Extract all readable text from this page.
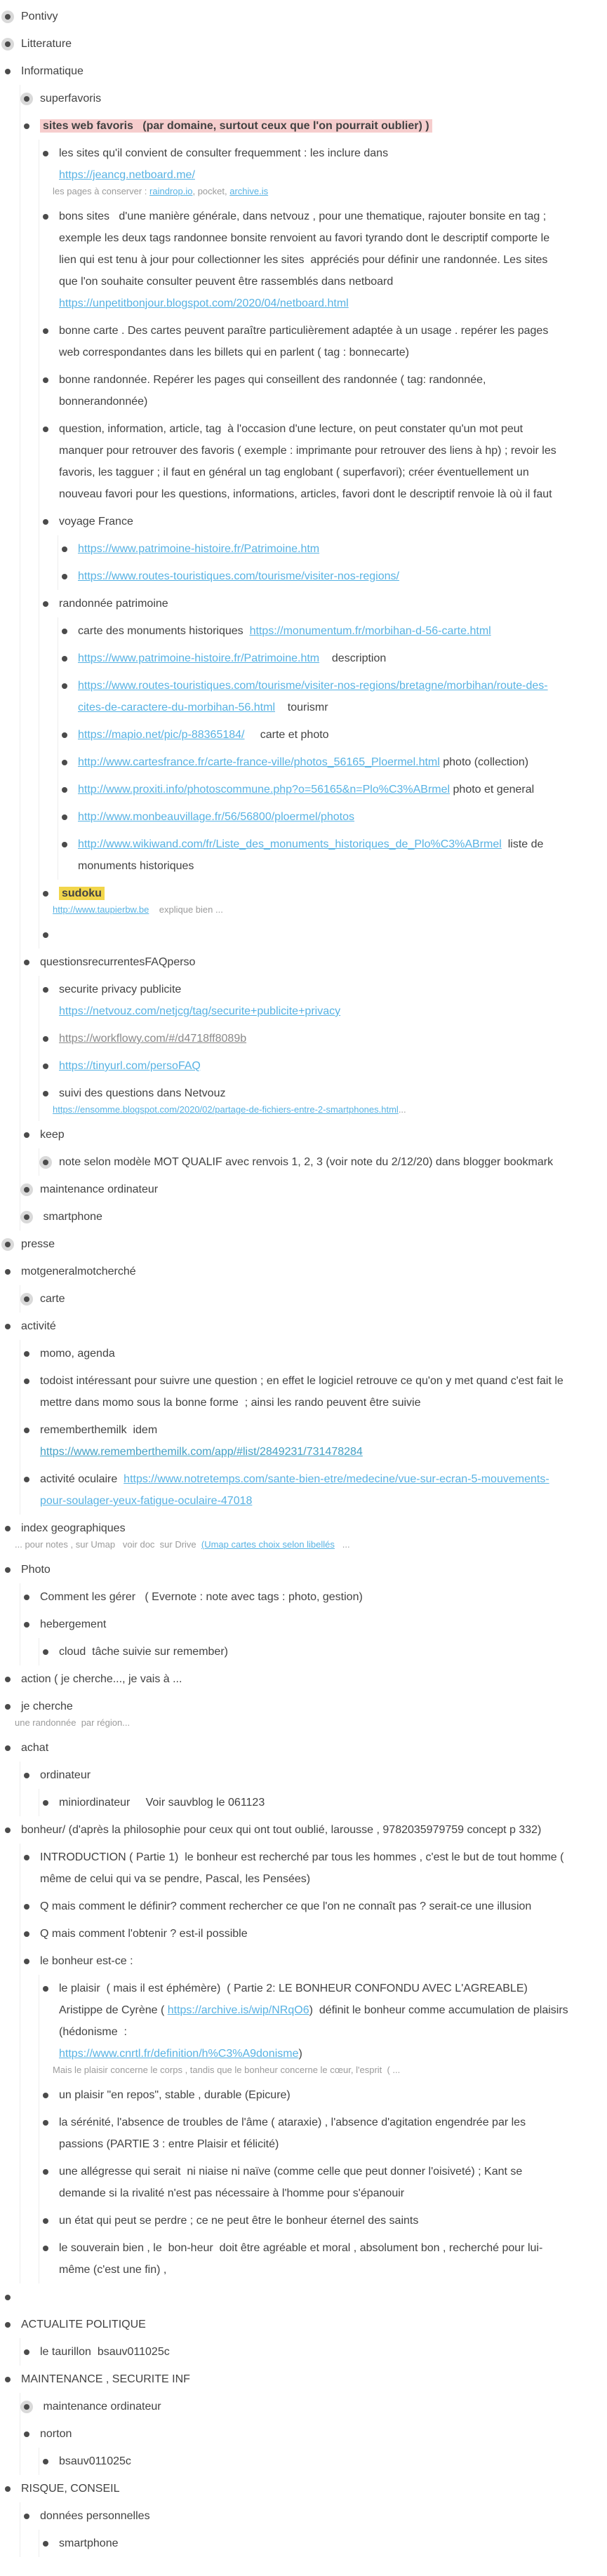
Pontivy
Litterature
Informatique
superfavoris
sites web favoris   (par domaine, surtout ceux que l'on pourrait oublier) )
les sites qu'il convient de consulter frequemment : les inclure dans
https://jeancg.netboard.me/
les pages à conserver : raindrop.io, pocket, archive.is
bons sites   d'une manière générale, dans netvouz , pour une thematique, rajouter bonsite en tag ; exemple les deux tags randonnee bonsite renvoient au favori tyrando dont le descriptif comporte le lien qui est tenu à jour pour collectionner les sites  appréciés pour définir une randonnée. Les sites que l'on souhaite consulter peuvent être rassemblés dans netboard
https://unpetitbonjour.blogspot.com/2020/04/netboard.html
bonne carte . Des cartes peuvent paraître particulièrement adaptée à un usage . repérer les pages web correspondantes dans les billets qui en parlent ( tag : bonnecarte)
bonne randonnée. Repérer les pages qui conseillent des randonnée ( tag: randonnée, bonnerandonnée)
question, information, article, tag  à l'occasion d'une lecture, on peut constater qu'un mot peut manquer pour retrouver des favoris ( exemple : imprimante pour retrouver des liens à hp) ; revoir les favoris, les tagguer ; il faut en général un tag englobant ( superfavori); créer éventuellement un nouveau favori pour les questions, informations, articles, favori dont le descriptif renvoie là où il faut
voyage France
https://www.patrimoine-histoire.fr/Patrimoine.htm
https://www.routes-touristiques.com/tourisme/visiter-nos-regions/
randonnée patrimoine
carte des monuments historiques  https://monumentum.fr/morbihan-d-56-carte.html
https://www.patrimoine-histoire.fr/Patrimoine.htm    description
https://www.routes-touristiques.com/tourisme/visiter-nos-regions/bretagne/morbihan/route-des-cites-de-caractere-du-morbihan-56.html    tourismr
https://mapio.net/pic/p-88365184/     carte et photo
http://www.cartesfrance.fr/carte-france-ville/photos_56165_Ploermel.html photo (collection)
http://www.proxiti.info/photoscommune.php?o=56165&n=Plo%C3%ABrmel photo et general
http://www.monbeauvillage.fr/56/56800/ploermel/photos
http://www.wikiwand.com/fr/Liste_des_monuments_historiques_de_Plo%C3%ABrmel  liste de monuments historiques
sudoku
http://www.taupierbw.be    explique bien ...
questionsrecurrentesFAQperso
securite privacy publicite
https://netvouz.com/netjcg/tag/securite+publicite+privacy
https://workflowy.com/#/d4718ff8089b
https://tinyurl.com/persoFAQ
suivi des questions dans Netvouz
https://ensomme.blogspot.com/2020/02/partage-de-fichiers-entre-2-smartphones.html...
keep
note selon modèle MOT QUALIF avec renvois 1, 2, 3 (voir note du 2/12/20) dans blogger bookmark
maintenance ordinateur
smartphone
presse
motgeneralmotcherché
carte
activité
momo, agenda
todoist intéressant pour suivre une question ; en effet le logiciel retrouve ce qu'on y met quand c'est fait le mettre dans momo sous la bonne forme  ; ainsi les rando peuvent être suivie
rememberthemilk  idem
https://www.rememberthemilk.com/app/#list/2849231/731478284
activité oculaire  https://www.notretemps.com/sante-bien-etre/medecine/vue-sur-ecran-5-mouvements-pour-soulager-yeux-fatigue-oculaire-47018
index geographiques
... pour notes , sur Umap   voir doc  sur Drive  (Umap cartes choix selon libellés   ...
Photo
Comment les gérer   ( Evernote : note avec tags : photo, gestion)
hebergement
cloud  tâche suivie sur remember)
action ( je cherche..., je vais à ...
je cherche
une randonnée  par région...
achat
ordinateur
miniordinateur     Voir sauvblog le 061123
bonheur/ (d'après la philosophie pour ceux qui ont tout oublié, larousse , 9782035979759 concept p 332)
INTRODUCTION ( Partie 1)  le bonheur est recherché par tous les hommes , c'est le but de tout homme ( même de celui qui va se pendre, Pascal, les Pensées)
Q mais comment le définir? comment rechercher ce que l'on ne connaît pas ? serait-ce une illusion
Q mais comment l'obtenir ? est-il possible
le bonheur est-ce :
le plaisir  ( mais il est éphémère)  ( Partie 2: LE BONHEUR CONFONDU AVEC L'AGREABLE) Aristippe de Cyrène ( https://archive.is/wip/NRqO6)  définit le bonheur comme accumulation de plaisirs (hédonisme  :
https://www.cnrtl.fr/definition/h%C3%A9donisme)
Mais le plaisir concerne le corps , tandis que le bonheur concerne le cœur, l'esprit  ( ...
un plaisir "en repos", stable , durable (Epicure)
la sérénité, l'absence de troubles de l'âme ( ataraxie) , l'absence d'agitation engendrée par les passions (PARTIE 3 : entre Plaisir et félicité)
une allégresse qui serait  ni niaise ni naïve (comme celle que peut donner l'oisiveté) ; Kant se demande si la rivalité n'est pas nécessaire à l'homme pour s'épanouir
un état qui peut se perdre ; ce ne peut être le bonheur éternel des saints
le souverain bien , le  bon-heur  doit être agréable et moral , absolument bon , recherché pour lui-même (c'est une fin) ,
ACTUALITE POLITIQUE
le taurillon  bsauv011025c
MAINTENANCE , SECURITE INF
maintenance ordinateur
norton
bsauv011025c
RISQUE, CONSEIL
données personnelles
smartphone
